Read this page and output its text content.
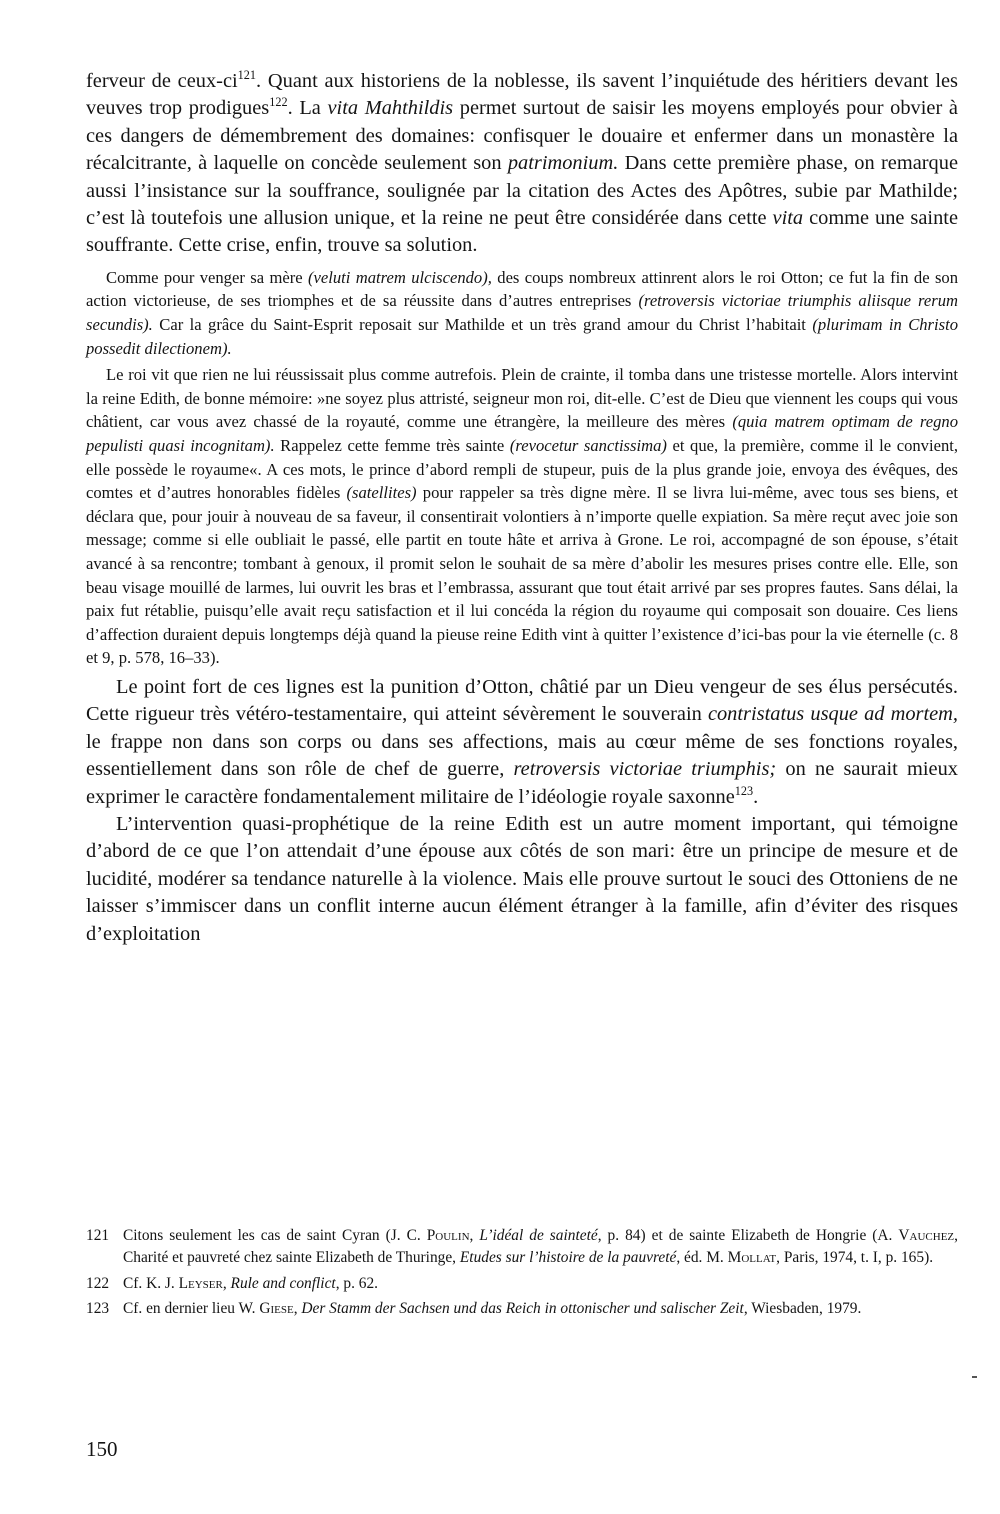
ferveur de ceux-$ci^{121}$. Quant aux historiens de la noblesse, ils savent l’inquiétude des héritiers devant les veuves trop prodigues$^{122}$. La vita Mahthildis permet surtout de saisir les moyens employés pour obvier à ces dangers de démembrement des domaines: confisquer le douaire et enfermer dans un monastère la récalcitrante, à laquelle on concède seulement son patrimonium. Dans cette première phase, on remarque aussi l’insistance sur la souffrance, soulignée par la citation des Actes des Apôtres, subie par Mathilde; c’est là toutefois une allusion unique, et la reine ne peut être considérée dans cette vita comme une sainte souffrante. Cette crise, enfin, trouve sa solution.

Comme pour venger sa mère (veluti matrem ulciscendo), des coups nombreux attinrent alors le roi Otton; ce fut la fin de son action victorieuse, de ses triomphes et de sa réussite dans d’autres entreprises (retroversis victoriae triumphis aliisque rerum secundis). Car la grâce du Saint-Esprit reposait sur Mathilde et un très grand amour du Christ l’habitait (plurimam in Christo possedit dilectionem).

Le roi vit que rien ne lui réussissait plus comme autrefois. Plein de crainte, il tomba dans une tristesse mortelle. Alors intervint la reine Edith, de bonne mémoire: »ne soyez plus attristé, seigneur mon roi, dit-elle. C’est de Dieu que viennent les coups qui vous châtient, car vous avez chassé de la royauté, comme une étrangère, la meilleure des mères (quia matrem optimam de regno pepulisti quasi incognitam). Rappelez cette femme très sainte (revocetur sanctissima) et que, la première, comme il le convient, elle possède le royaume«. A ces mots, le prince d’abord rempli de stupeur, puis de la plus grande joie, envoya des évêques, des comtes et d’autres honorables fidèles (satellites) pour rappeler sa très digne mère. Il se livra lui-même, avec tous ses biens, et déclara que, pour jouir à nouveau de sa faveur, il consentirait volontiers à n’importe quelle expiation. Sa mère reçut avec joie son message; comme si elle oubliait le passé, elle partit en toute hâte et arriva à Grone. Le roi, accompagné de son épouse, s’était avancé à sa rencontre; tombant à genoux, il promit selon le souhait de sa mère d’abolir les mesures prises contre elle. Elle, son beau visage mouillé de larmes, lui ouvrit les bras et l’embrassa, assurant que tout était arrivé par ses propres fautes. Sans délai, la paix fut rétablie, puisqu’elle avait reçu satisfaction et il lui concéda la région du royaume qui composait son douaire. Ces liens d’affection duraient depuis longtemps déjà quand la pieuse reine Edith vint à quitter l’existence d’ici-bas pour la vie éternelle (c. 8 et 9, p. 578, 16–33).

Le point fort de ces lignes est la punition d’Otton, châtié par un Dieu vengeur de ses élus persécutés. Cette rigueur très vétéro-testamentaire, qui atteint sévèrement le souverain contristatus usque ad mortem, le frappe non dans son corps ou dans ses affections, mais au cœur même de ses fonctions royales, essentiellement dans son rôle de chef de guerre, retroversis victoriae triumphis; on ne saurait mieux exprimer le caractère fondamentalement militaire de l’idéologie royale saxonne$^{123}$.

L’intervention quasi-prophétique de la reine Edith est un autre moment important, qui témoigne d’abord de ce que l’on attendait d’une épouse aux côtés de son mari: être un principe de mesure et de lucidité, modérer sa tendance naturelle à la violence. Mais elle prouve surtout le souci des Ottoniens de ne laisser s’immiscer dans un conflit interne aucun élément étranger à la famille, afin d’éviter des risques d’exploitation

121 Citons seulement les cas de saint Cyran (J. C. Poulin, L’idéal de sainteté, p. 84) et de sainte Elizabeth de Hongrie (A. Vauchez, Charité et pauvreté chez sainte Elizabeth de Thuringe, Etudes sur l’histoire de la pauvreté, éd. M. Mollat, Paris, 1974, t. I, p. 165).
122 Cf. K. J. Leyser, Rule and conflict, p. 62.
123 Cf. en dernier lieu W. Giese, Der Stamm der Sachsen und das Reich in ottonischer und salischer Zeit, Wiesbaden, 1979.
150
